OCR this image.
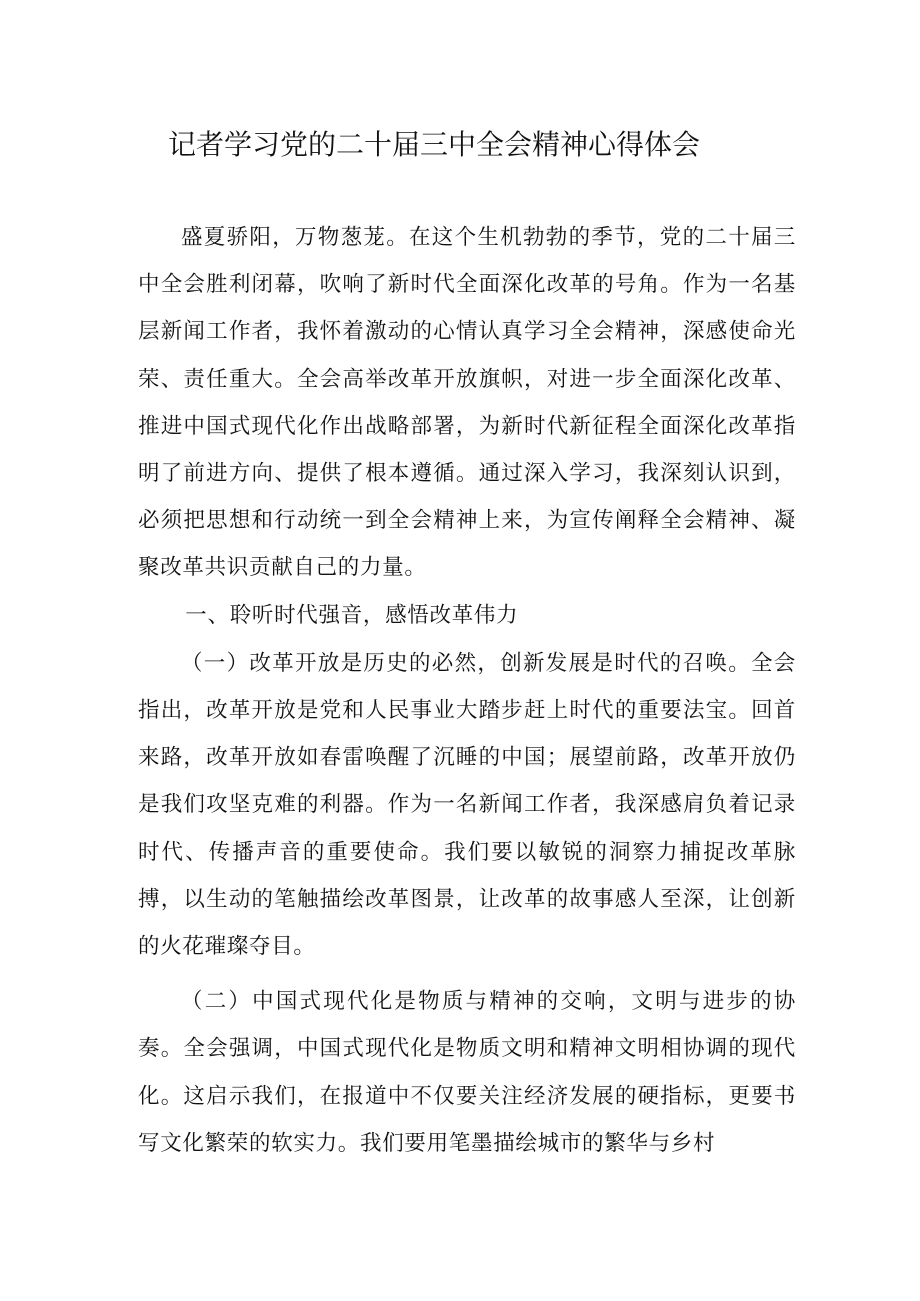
记者学习党的二十届三中全会精神心得体会

盛夏骄阳，万物葱茏。在这个生机勃勃的季节，党的二十届三中全会胜利闭幕，吹响了新时代全面深化改革的号角。作为一名基层新闻工作者，我怀着激动的心情认真学习全会精神，深感使命光荣、责任重大。全会高举改革开放旗帜，对进一步全面深化改革、推进中国式现代化作出战略部署，为新时代新征程全面深化改革指明了前进方向、提供了根本遵循。通过深入学习，我深刻认识到，必须把思想和行动统一到全会精神上来，为宣传阐释全会精神、凝聚改革共识贡献自己的力量。

一、聆听时代强音，感悟改革伟力

（一）改革开放是历史的必然，创新发展是时代的召唤。全会指出，改革开放是党和人民事业大踏步赶上时代的重要法宝。回首来路，改革开放如春雷唤醒了沉睡的中国；展望前路，改革开放仍是我们攻坚克难的利器。作为一名新闻工作者，我深感肩负着记录时代、传播声音的重要使命。我们要以敏锐的洞察力捕捉改革脉搏，以生动的笔触描绘改革图景，让改革的故事感人至深，让创新的火花璀璨夺目。

（二）中国式现代化是物质与精神的交响，文明与进步的协奏。全会强调，中国式现代化是物质文明和精神文明相协调的现代化。这启示我们，在报道中不仅要关注经济发展的硬指标，更要书写文化繁荣的软实力。我们要用笔墨描绘城市的繁华与乡村
